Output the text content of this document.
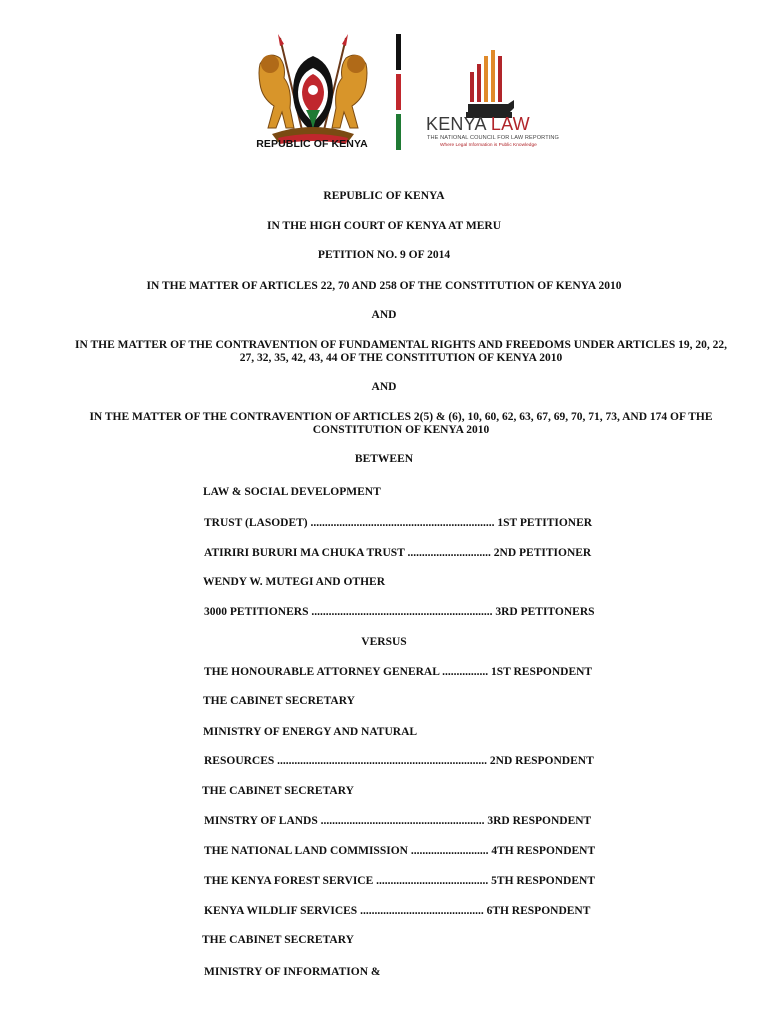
REPUBLIC OF KENYA
KENYA LAW
THE NATIONAL COUNCIL FOR LAW REPORTING
Where Legal Information is Public Knowledge
REPUBLIC OF KENYA
IN THE HIGH COURT OF KENYA AT MERU
PETITION NO. 9 OF 2014
IN THE MATTER OF ARTICLES 22, 70 AND 258 OF THE CONSTITUTION OF KENYA 2010
AND
IN THE MATTER OF THE CONTRAVENTION OF FUNDAMENTAL RIGHTS AND FREEDOMS UNDER ARTICLES 19, 20, 22, 27, 32, 35, 42, 43, 44 OF THE CONSTITUTION OF KENYA 2010
AND
IN THE MATTER OF THE CONTRAVENTION OF ARTICLES 2(5) & (6), 10, 60, 62, 63, 67, 69, 70, 71, 73, AND 174 OF THE CONSTITUTION OF KENYA 2010
BETWEEN
LAW & SOCIAL DEVELOPMENT
TRUST (LASODET) ................................................................ 1ST PETITIONER
ATIRIRI BURURI MA CHUKA TRUST ............................. 2ND PETITIONER
WENDY W. MUTEGI AND OTHER
3000 PETITIONERS ............................................................... 3RD PETITONERS
VERSUS
THE HONOURABLE ATTORNEY GENERAL ................ 1ST RESPONDENT
THE CABINET SECRETARY
MINISTRY OF ENERGY AND NATURAL
RESOURCES ......................................................................... 2ND RESPONDENT
THE CABINET SECRETARY
MINSTRY OF LANDS ......................................................... 3RD RESPONDENT
THE NATIONAL LAND COMMISSION ........................... 4TH RESPONDENT
THE KENYA FOREST SERVICE ....................................... 5TH RESPONDENT
KENYA WILDLIF SERVICES ........................................... 6TH RESPONDENT
THE CABINET SECRETARY
MINISTRY OF INFORMATION &
